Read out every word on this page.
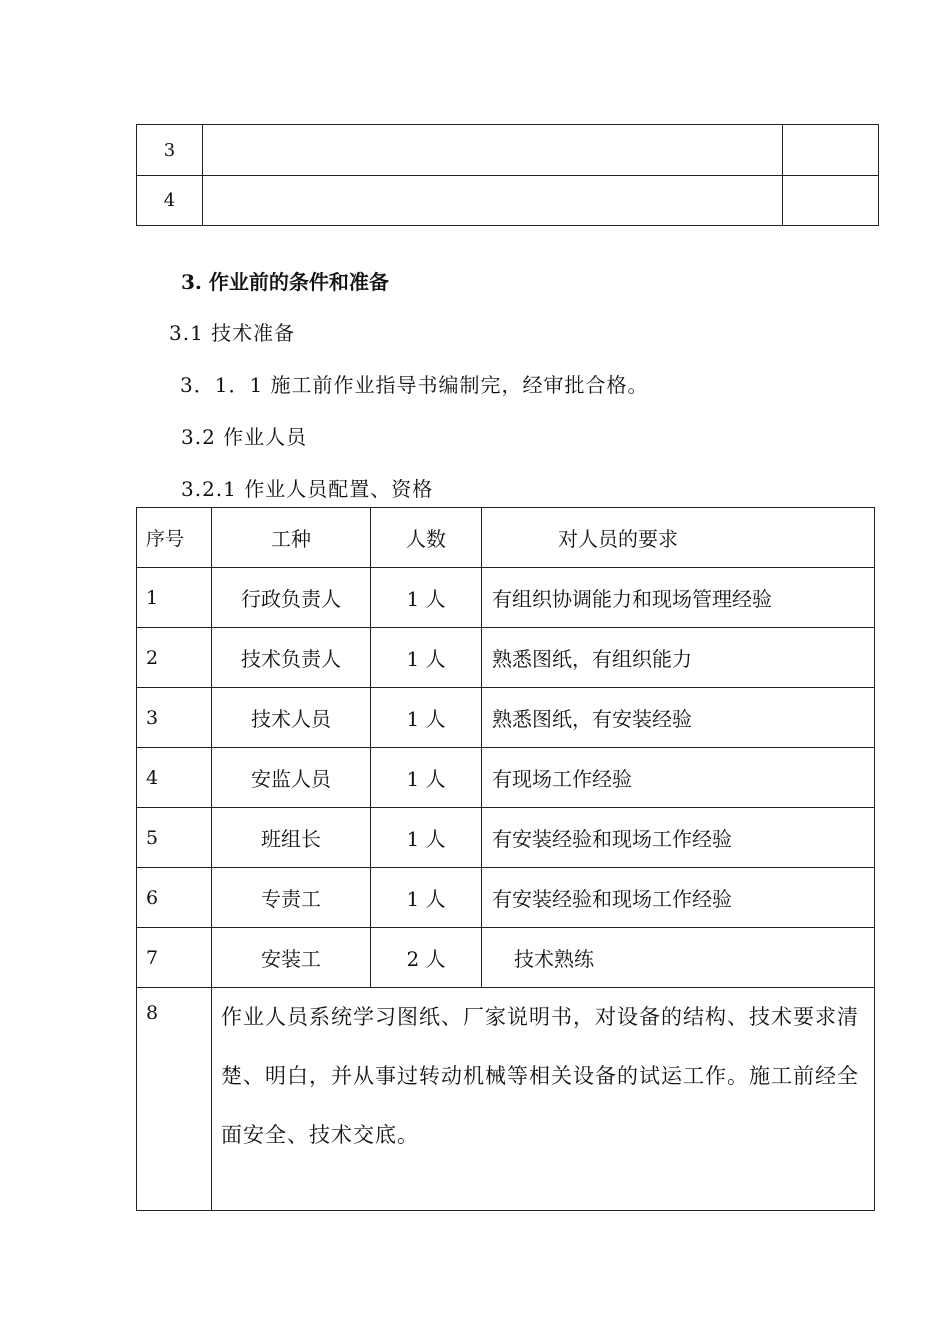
3		
4		
3. 作业前的条件和准备
3.1 技术准备
3．1．1 施工前作业指导书编制完，经审批合格。
3.2 作业人员
3.2.1 作业人员配置、资格
序号	工种	人数	对人员的要求
1	行政负责人	1 人	有组织协调能力和现场管理经验
2	技术负责人	1 人	熟悉图纸，有组织能力
3	技术人员	1 人	熟悉图纸，有安装经验
4	安监人员	1 人	有现场工作经验
5	班组长	1 人	有安装经验和现场工作经验
6	专责工	1 人	有安装经验和现场工作经验
7	安装工	2 人	技术熟练
8	作业人员系统学习图纸、厂家说明书，对设备的结构、技术要求清楚、明白，并从事过转动机械等相关设备的试运工作。施工前经全面安全、技术交底。		
